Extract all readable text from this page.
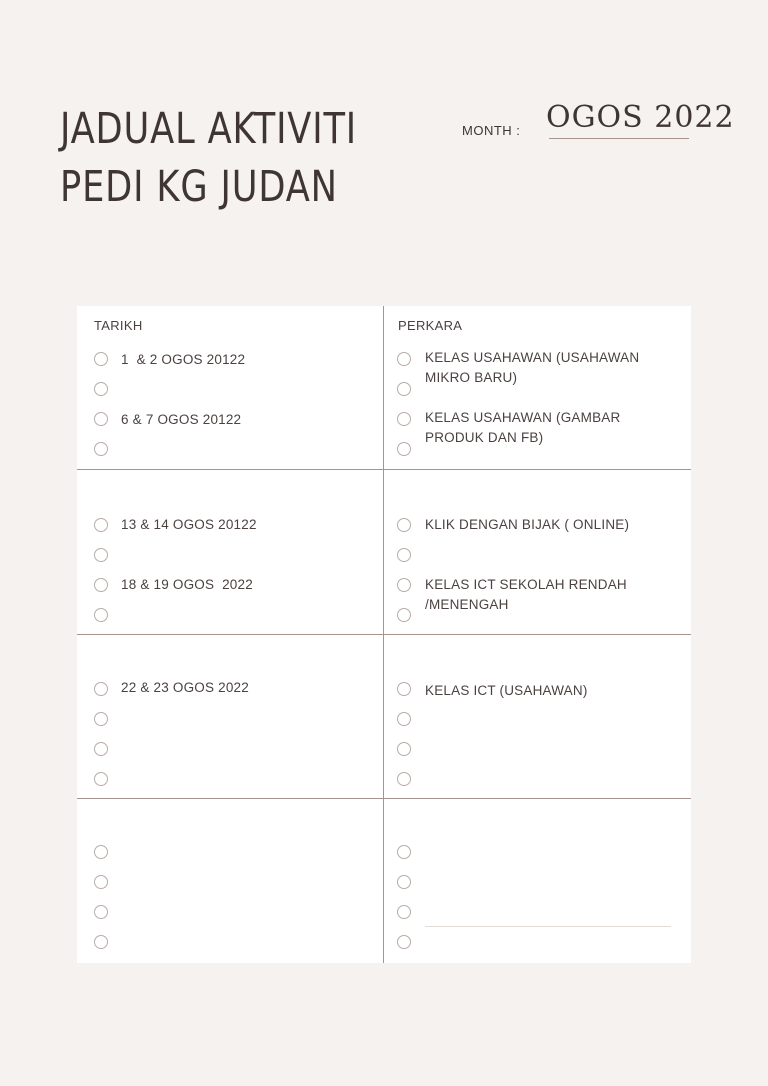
JADUAL AKTIVITI
PEDI KG JUDAN
MONTH : OGOS 2022
TARIKH	PERKARA
1  & 2 OGOS 20122
6 & 7 OGOS 20122
KELAS USAHAWAN (USAHAWAN
MIKRO BARU)
KELAS USAHAWAN (GAMBAR
PRODUK DAN FB)
13 & 14 OGOS 20122
18 & 19 OGOS  2022
KLIK DENGAN BIJAK ( ONLINE)
KELAS ICT SEKOLAH RENDAH
/MENENGAH
22 & 23 OGOS 2022	KELAS ICT (USAHAWAN)
